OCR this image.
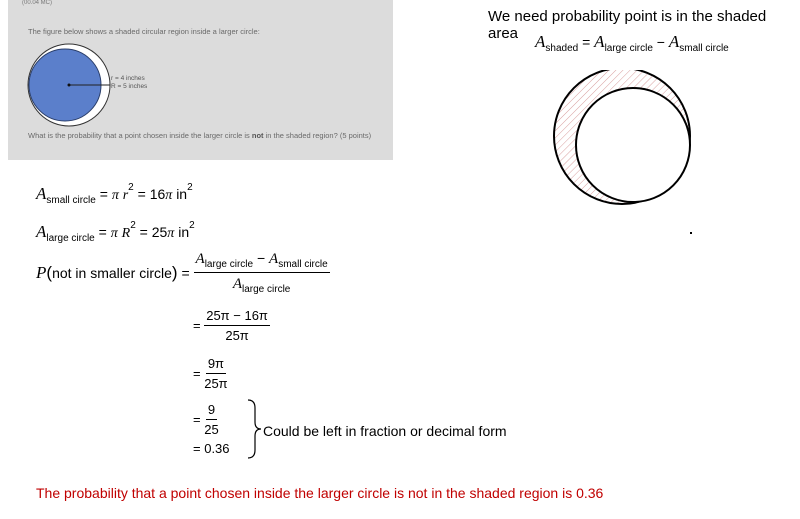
(00.04 MC)
The figure below shows a shaded circular region inside a larger circle:
r = 4 inches
R = 5 inches
What is the probability that a point chosen inside the larger circle is not in the shaded region? (5 points)
We need probability point is in the shaded area $A_{shaded} = A_{large circle} - A_{small circle}$
$A_{small circle} = \pi$ $r^2 = 16\pi$ $in^2$
$A_{large circle} = \pi$ $R^2 = 25\pi$ $in^2$
P ( not in smaller circle ) = $\frac{A_{large circle} - A_{small circle}}{A_{large circle}}$
= $\frac{25\pi - 16\pi}{25\pi}$
= $\frac{9\pi}{25\pi}$
= $\frac{9}{25}$
= 0.36
Could be left in fraction or decimal form
The probability that a point chosen inside the larger circle is not in the shaded region is 0.36
